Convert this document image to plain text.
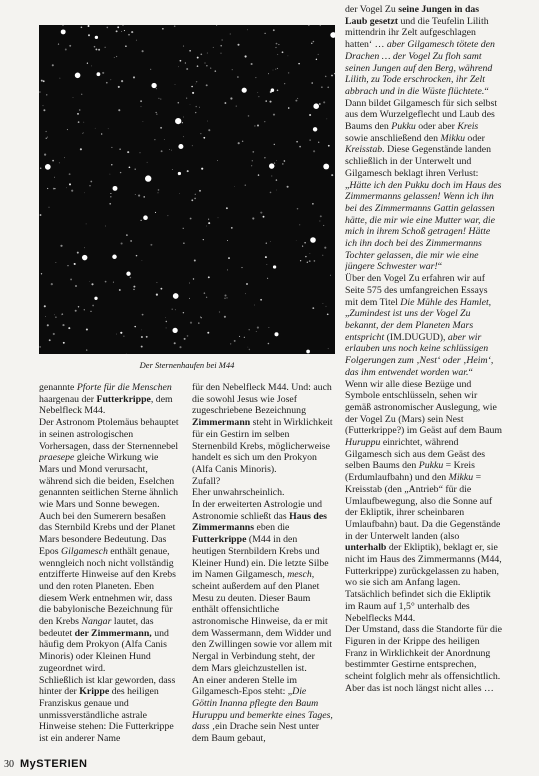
Der Sternenhaufen bei M44

genannte Pforte für die Menschen haargenau der Futterkrippe, dem Nebelfleck M44.

Der Astronom Ptolemäus behauptet in seinen astrologischen Vorhersagen, dass der Sternennebel praesepe gleiche Wirkung wie Mars und Mond verursacht, während sich die beiden, Eselchen genannten seitlichen Sterne ähnlich wie Mars und Sonne bewegen.

Auch bei den Sumerern besaßen das Sternbild Krebs und der Planet Mars besondere Bedeutung. Das Epos Gilgamesch enthält genaue, wenngleich noch nicht vollständig entzifferte Hinweise auf den Krebs und den roten Planeten. Eben diesem Werk entnehmen wir, dass die babylonische Bezeichnung für den Krebs Nangar lautet, das bedeutet der Zimmermann, und häufig dem Prokyon (Alfa Canis Minoris) oder Kleinen Hund zugeordnet wird.

Schließlich ist klar geworden, dass hinter der Krippe des heiligen Franziskus genaue und unmissverständliche astrale Hinweise stehen: Die Futterkrippe ist ein anderer Name

für den Nebelfleck M44. Und: auch die sowohl Jesus wie Josef zugeschriebene Bezeichnung Zimmermann steht in Wirklichkeit für ein Gestirn im selben Sternenbild Krebs, möglicherweise handelt es sich um den Prokyon (Alfa Canis Minoris).

Zufall?

Eher unwahrscheinlich.

In der erweiterten Astrologie und Astronomie schließt das Haus des Zimmermanns eben die Futterkrippe (M44 in den heutigen Sternbildern Krebs und Kleiner Hund) ein. Die letzte Silbe im Namen Gilgamesch, mesch, scheint außerdem auf den Planet Mesu zu deuten. Dieser Baum enthält offensichtliche astronomische Hinweise, da er mit dem Wassermann, dem Widder und den Zwillingen sowie vor allem mit Nergal in Verbindung steht, der dem Mars gleichzustellen ist.

An einer anderen Stelle im Gilgamesch-Epos steht: „Die Göttin Inanna pflegte den Baum Huruppu und bemerkte eines Tages, dass ‚ein Drache sein Nest unter dem Baum gebaut,

der Vogel Zu seine Jungen in das Laub gesetzt und die Teufelin Lilith mittendrin ihr Zelt aufgeschlagen hatten‘ … aber Gilgamesch tötete den Drachen … der Vogel Zu floh samt seinen Jungen auf den Berg, während Lilith, zu Tode erschrocken, ihr Zelt abbrach und in die Wüste flüchtete.“

Dann bildet Gilgamesch für sich selbst aus dem Wurzelgeflecht und Laub des Baums den Pukku oder aber Kreis sowie anschließend den Mikku oder Kreisstab. Diese Gegenstände landen schließlich in der Unterwelt und Gilgamesch beklagt ihren Verlust: „Hätte ich den Pukku doch im Haus des Zimmermanns gelassen! Wenn ich ihn bei des Zimmermanns Gattin gelassen hätte, die mir wie eine Mutter war, die mich in ihrem Schoß getragen! Hätte ich ihn doch bei des Zimmermanns Tochter gelassen, die mir wie eine jüngere Schwester war!“

Über den Vogel Zu erfahren wir auf Seite 575 des umfangreichen Essays mit dem Titel Die Mühle des Hamlet, „Zumindest ist uns der Vogel Zu bekannt, der dem Planeten Mars entspricht (IM.DUGUD), aber wir erlauben uns noch keine schlüssigen Folgerungen zum ‚Nest‘ oder ‚Heim‘, das ihm entwendet worden war.“

Wenn wir alle diese Bezüge und Symbole entschlüsseln, sehen wir gemäß astronomischer Auslegung, wie der Vogel Zu (Mars) sein Nest (Futterkrippe?) im Geäst auf dem Baum Huruppu einrichtet, während Gilgamesch sich aus dem Geäst des selben Baums den Pukku = Kreis (Erdumlaufbahn) und den Mikku = Kreisstab (den „Antrieb“ für die Umlaufbewegung, also die Sonne auf der Ekliptik, ihrer scheinbaren Umlaufbahn) baut. Da die Gegenstände in der Unterwelt landen (also unterhalb der Ekliptik), beklagt er, sie nicht im Haus des Zimmermanns (M44, Futterkrippe) zurückgelassen zu haben, wo sie sich am Anfang lagen. Tatsächlich befindet sich die Ekliptik im Raum auf 1,5° unterhalb des Nebelflecks M44.

Der Umstand, dass die Standorte für die Figuren in der Krippe des heiligen Franz in Wirklichkeit der Anordnung bestimmter Gestirne entsprechen, scheint folglich mehr als offensichtlich.

Aber das ist noch längst nicht alles …

30 MySTERIEN
